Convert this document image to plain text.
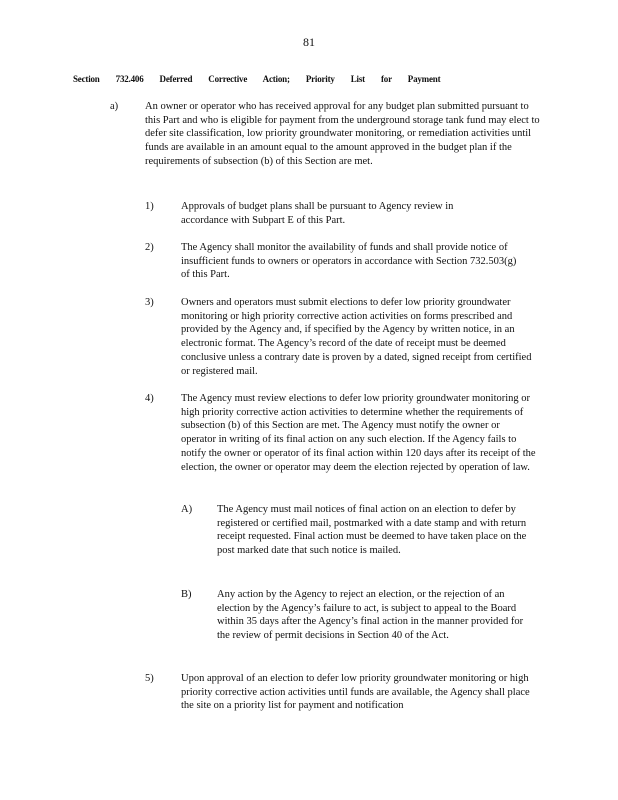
81
Section 732.406 Deferred Corrective Action; Priority List for Payment
a)	An owner or operator who has received approval for any budget plan submitted pursuant to this Part and who is eligible for payment from the underground storage tank fund may elect to defer site classification, low priority groundwater monitoring, or remediation activities until funds are available in an amount equal to the amount approved in the budget plan if the requirements of subsection (b) of this Section are met.
1)	Approvals of budget plans shall be pursuant to Agency review in accordance with Subpart E of this Part.
2)	The Agency shall monitor the availability of funds and shall provide notice of insufficient funds to owners or operators in accordance with Section 732.503(g) of this Part.
3)	Owners and operators must submit elections to defer low priority groundwater monitoring or high priority corrective action activities on forms prescribed and provided by the Agency and, if specified by the Agency by written notice, in an electronic format. The Agency’s record of the date of receipt must be deemed conclusive unless a contrary date is proven by a dated, signed receipt from certified or registered mail.
4)	The Agency must review elections to defer low priority groundwater monitoring or high priority corrective action activities to determine whether the requirements of subsection (b) of this Section are met. The Agency must notify the owner or operator in writing of its final action on any such election. If the Agency fails to notify the owner or operator of its final action within 120 days after its receipt of the election, the owner or operator may deem the election rejected by operation of law.
A) The Agency must mail notices of final action on an election to defer by registered or certified mail, postmarked with a date stamp and with return receipt requested. Final action must be deemed to have taken place on the post marked date that such notice is mailed.
B) Any action by the Agency to reject an election, or the rejection of an election by the Agency’s failure to act, is subject to appeal to the Board within 35 days after the Agency’s final action in the manner provided for the review of permit decisions in Section 40 of the Act.
5)	Upon approval of an election to defer low priority groundwater monitoring or high priority corrective action activities until funds are available, the Agency shall place the site on a priority list for payment and notification
